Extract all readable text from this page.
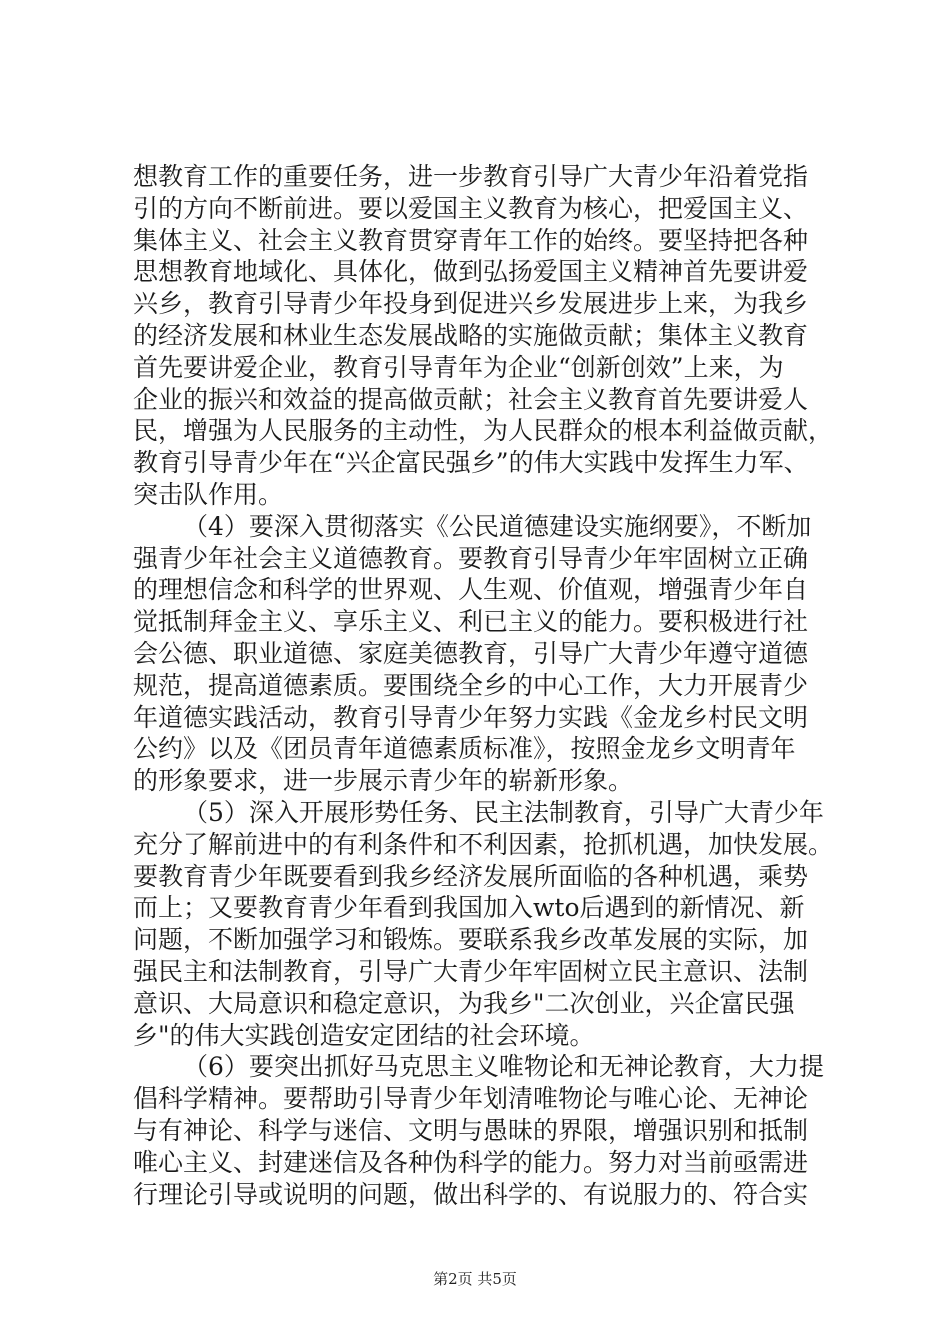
想教育工作的重要任务，进一步教育引导广大青少年沿着党指
引的方向不断前进。要以爱国主义教育为核心，把爱国主义、
集体主义、社会主义教育贯穿青年工作的始终。要坚持把各种
思想教育地域化、具体化，做到弘扬爱国主义精神首先要讲爱
兴乡，教育引导青少年投身到促进兴乡发展进步上来，为我乡
的经济发展和林业生态发展战略的实施做贡献；集体主义教育
首先要讲爱企业，教育引导青年为企业“创新创效”上来，为
企业的振兴和效益的提高做贡献；社会主义教育首先要讲爱人
民，增强为人民服务的主动性，为人民群众的根本利益做贡献，
教育引导青少年在“兴企富民强乡”的伟大实践中发挥生力军、
突击队作用。
（4）要深入贯彻落实《公民道德建设实施纲要》，不断加
强青少年社会主义道德教育。要教育引导青少年牢固树立正确
的理想信念和科学的世界观、人生观、价值观，增强青少年自
觉抵制拜金主义、享乐主义、利已主义的能力。要积极进行社
会公德、职业道德、家庭美德教育，引导广大青少年遵守道德
规范，提高道德素质。要围绕全乡的中心工作，大力开展青少
年道德实践活动，教育引导青少年努力实践《金龙乡村民文明
公约》以及《团员青年道德素质标准》，按照金龙乡文明青年
的形象要求，进一步展示青少年的崭新形象。
（5）深入开展形势任务、民主法制教育，引导广大青少年
充分了解前进中的有利条件和不利因素，抢抓机遇，加快发展。
要教育青少年既要看到我乡经济发展所面临的各种机遇，乘势
而上；又要教育青少年看到我国加入wto后遇到的新情况、新
问题，不断加强学习和锻炼。要联系我乡改革发展的实际，加
强民主和法制教育，引导广大青少年牢固树立民主意识、法制
意识、大局意识和稳定意识，为我乡"二次创业，兴企富民强
乡"的伟大实践创造安定团结的社会环境。
（6）要突出抓好马克思主义唯物论和无神论教育，大力提
倡科学精神。要帮助引导青少年划清唯物论与唯心论、无神论
与有神论、科学与迷信、文明与愚昧的界限，增强识别和抵制
唯心主义、封建迷信及各种伪科学的能力。努力对当前亟需进
行理论引导或说明的问题，做出科学的、有说服力的、符合实
第2页 共5页
